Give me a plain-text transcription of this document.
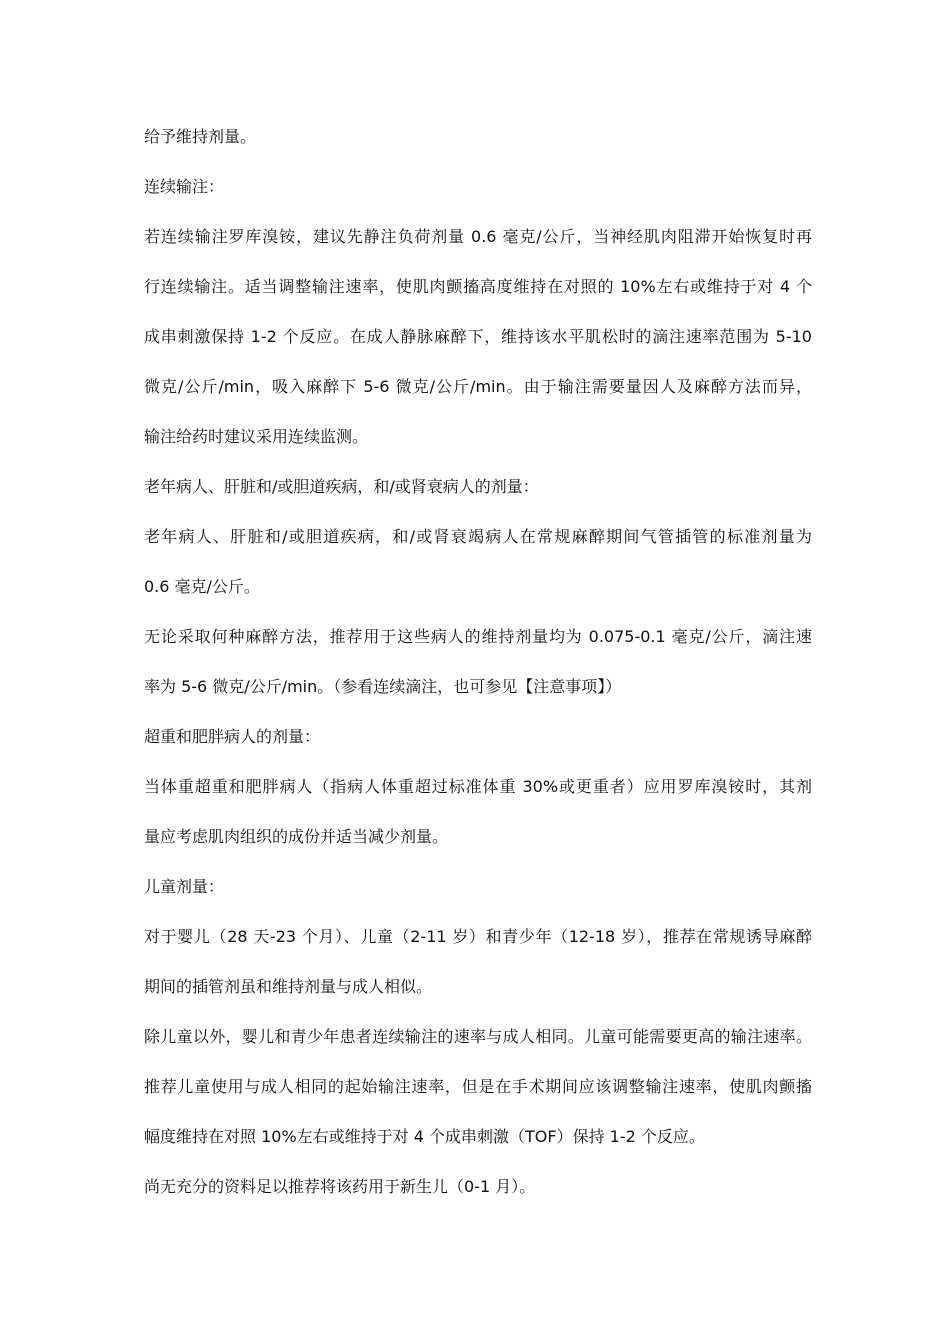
给予维持剂量。
连续输注：
若连续输注罗库溴铵，建议先静注负荷剂量 0.6 毫克/公斤，当神经肌肉阻滞开始恢复时再
行连续输注。适当调整输注速率，使肌肉颤搐高度维持在对照的 10%左右或维持于对 4 个
成串刺激保持 1-2 个反应。在成人静脉麻醉下，维持该水平肌松时的滴注速率范围为 5-10
微克/公斤/min，吸入麻醉下 5-6 微克/公斤/min。由于输注需要量因人及麻醉方法而异，
输注给药时建议采用连续监测。
老年病人、肝脏和/或胆道疾病，和/或肾衰病人的剂量：
老年病人、肝脏和/或胆道疾病，和/或肾衰竭病人在常规麻醉期间气管插管的标准剂量为
0.6 毫克/公斤。
无论采取何种麻醉方法，推荐用于这些病人的维持剂量均为 0.075-0.1 毫克/公斤，滴注速
率为 5-6 微克/公斤/min。（参看连续滴注，也可参见【注意事项】）
超重和肥胖病人的剂量：
当体重超重和肥胖病人（指病人体重超过标准体重 30%或更重者）应用罗库溴铵时，其剂
量应考虑肌肉组织的成份并适当减少剂量。
儿童剂量：
对于婴儿（28 天-23 个月）、儿童（2-11 岁）和青少年（12-18 岁），推荐在常规诱导麻醉
期间的插管剂虽和维持剂量与成人相似。
除儿童以外，婴儿和青少年患者连续输注的速率与成人相同。儿童可能需要更高的输注速率。
推荐儿童使用与成人相同的起始输注速率，但是在手术期间应该调整输注速率，使肌肉颤搐
幅度维持在对照 10%左右或维持于对 4 个成串刺激（TOF）保持 1-2 个反应。
尚无充分的资料足以推荐将该药用于新生儿（0-1 月）。
